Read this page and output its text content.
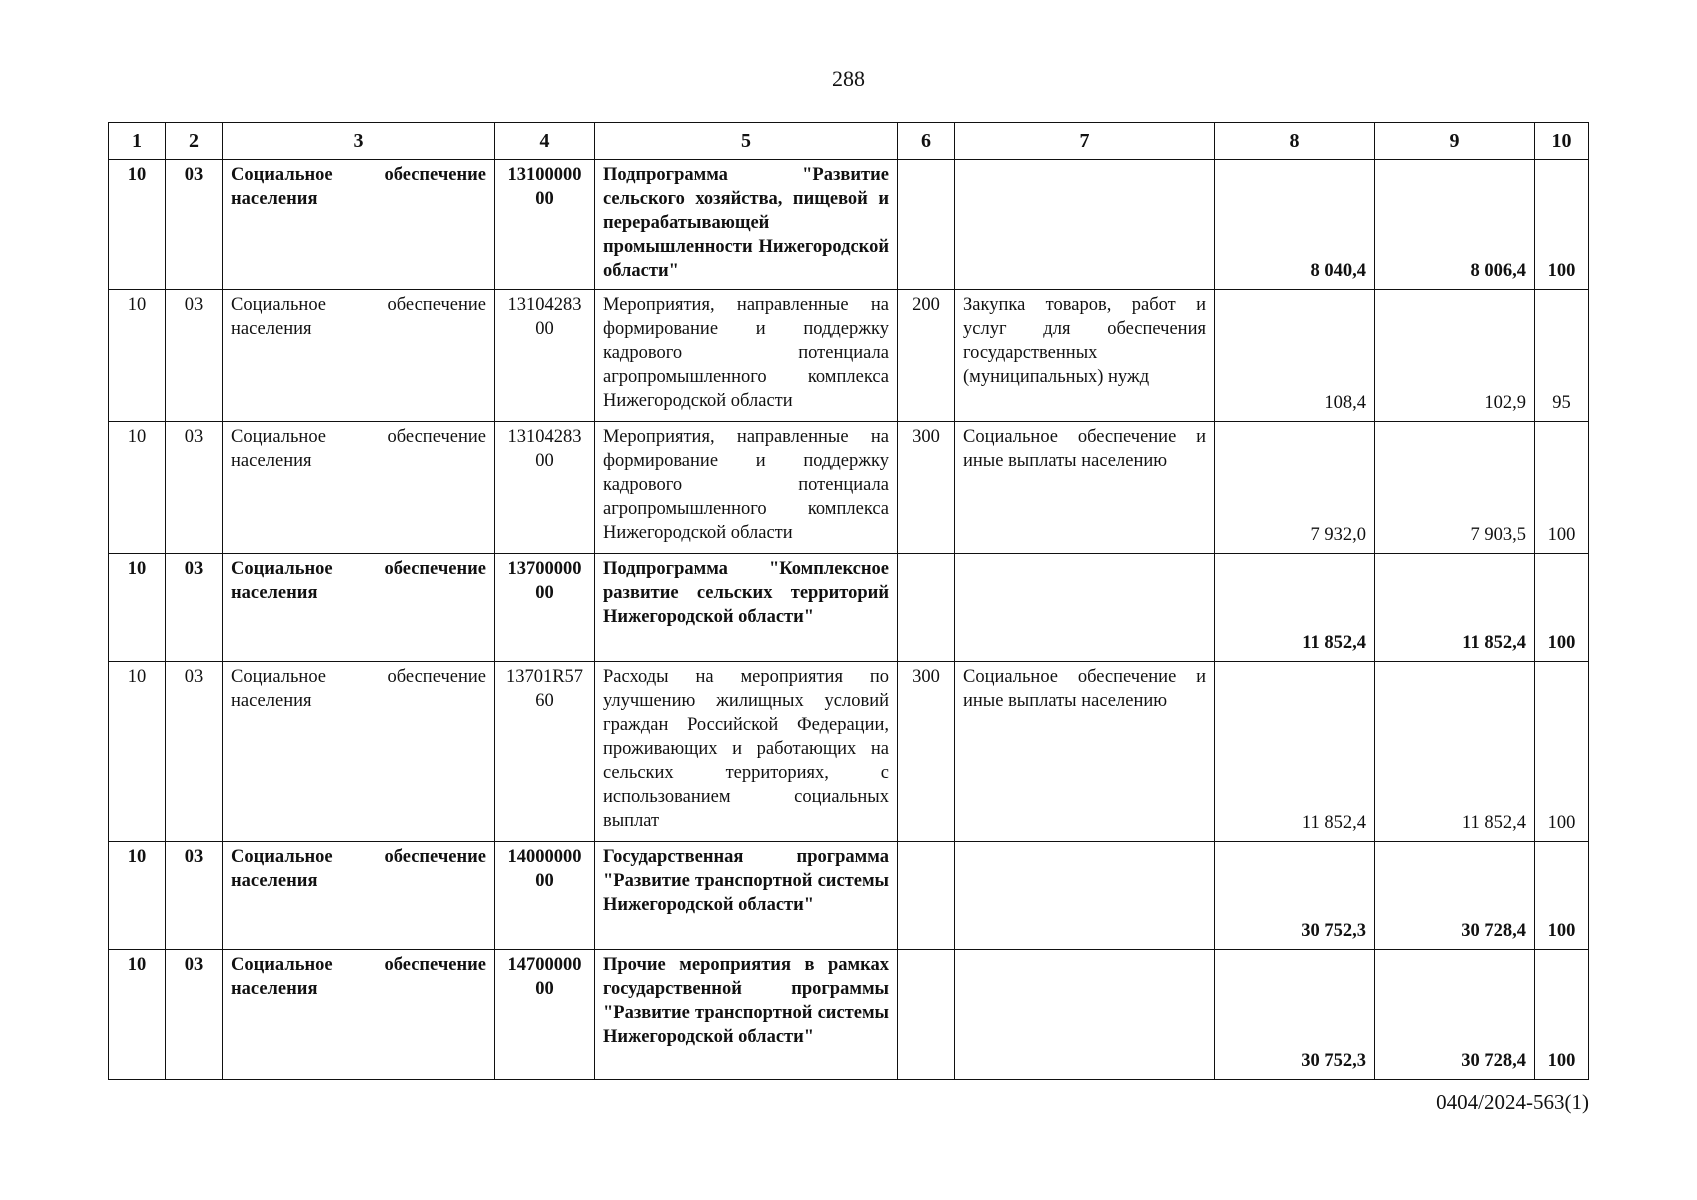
288
1	2	3	4	5	6	7	8	9	10
10	03	Социальное обеспечение населения	1310000000	Подпрограмма "Развитие сельского хозяйства, пищевой и перерабатывающей промышленности Нижегородской области"			8 040,4	8 006,4	100
10	03	Социальное обеспечение населения	1310428300	Мероприятия, направленные на формирование и поддержку кадрового потенциала агропромышленного комплекса Нижегородской области	200	Закупка товаров, работ и услуг для обеспечения государственных (муниципальных) нужд	108,4	102,9	95
10	03	Социальное обеспечение населения	1310428300	Мероприятия, направленные на формирование и поддержку кадрового потенциала агропромышленного комплекса Нижегородской области	300	Социальное обеспечение и иные выплаты населению	7 932,0	7 903,5	100
10	03	Социальное обеспечение населения	1370000000	Подпрограмма "Комплексное развитие сельских территорий Нижегородской области"			11 852,4	11 852,4	100
10	03	Социальное обеспечение населения	13701R5760	Расходы на мероприятия по улучшению жилищных условий граждан Российской Федерации, проживающих и работающих на сельских территориях, с использованием социальных выплат	300	Социальное обеспечение и иные выплаты населению	11 852,4	11 852,4	100
10	03	Социальное обеспечение населения	1400000000	Государственная программа "Развитие транспортной системы Нижегородской области"			30 752,3	30 728,4	100
10	03	Социальное обеспечение населения	1470000000	Прочие мероприятия в рамках государственной программы "Развитие транспортной системы Нижегородской области"			30 752,3	30 728,4	100
0404/2024-563(1)
